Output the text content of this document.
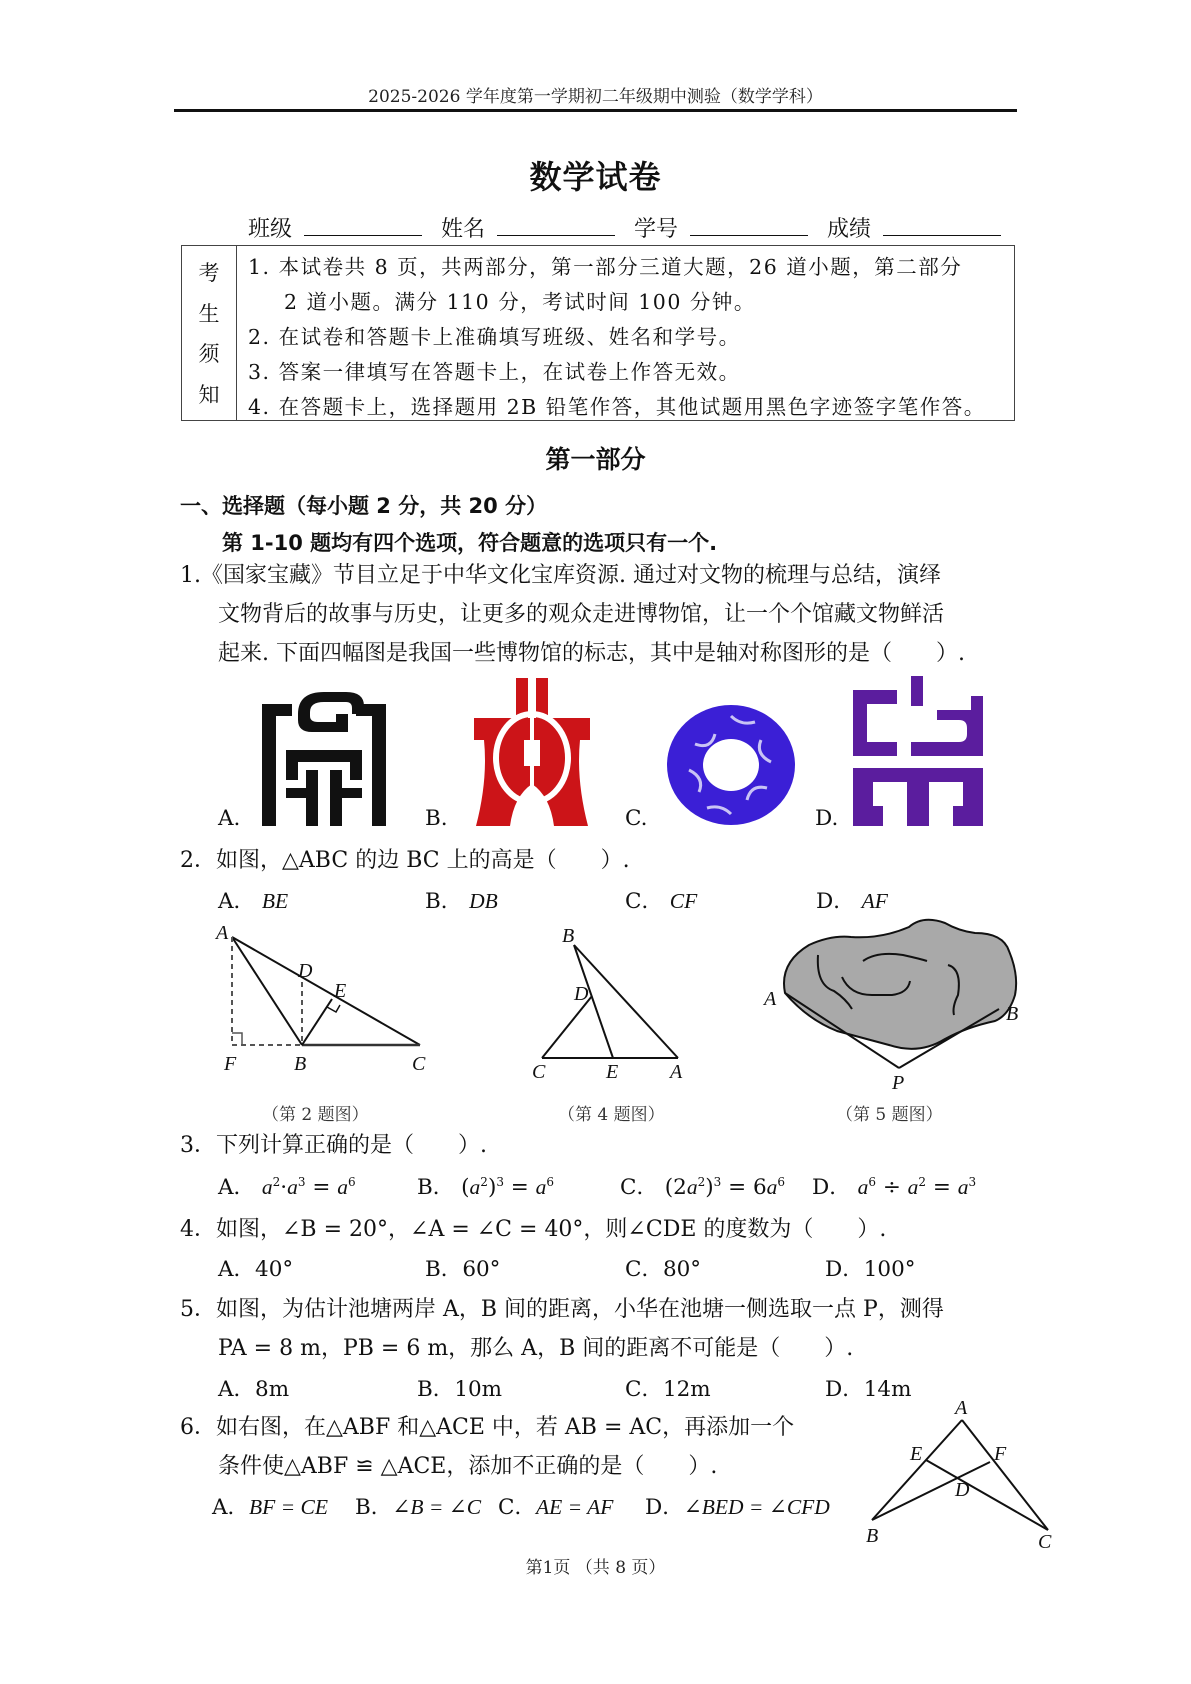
2025-2026 学年度第一学期初二年级期中测验（数学学科）
数学试卷
班级	姓名	学号	成绩
考
生
须
知
1. 本试卷共 8 页，共两部分，第一部分三道大题，26 道小题，第二部分
2 道小题。满分 110 分，考试时间 100 分钟。
2. 在试卷和答题卡上准确填写班级、姓名和学号。
3. 答案一律填写在答题卡上，在试卷上作答无效。
4. 在答题卡上，选择题用 2B 铅笔作答，其他试题用黑色字迹签字笔作答。
第一部分
一、选择题（每小题 2 分，共 20 分）
第 1-10 题均有四个选项，符合题意的选项只有一个.
1.《国家宝藏》节目立足于中华文化宝库资源. 通过对文物的梳理与总结，演绎
文物背后的故事与历史，让更多的观众走进博物馆，让一个个馆藏文物鲜活
起来. 下面四幅图是我国一些博物馆的标志，其中是轴对称图形的是（　　）.
A.	B.	C.	D.
2．如图，△ABC 的边 BC 上的高是（　　）.
A． BE	B． DB	C． CF	D． AF
A
D
E
F	B	C
（第 2 题图）
B
D
C	E	A
（第 4 题图）
A
B
P
（第 5 题图）
3．下列计算正确的是（　　）.
A． $a^2\cdot a^3 = a^6$	B． $(a^2)^3 = a^6$	C． $(2a^2)^3 = 6a^6$ D． $a^6 \div a^2 = a^3$
4．如图，∠B = 20°，∠A = ∠C = 40°，则∠CDE 的度数为（　　）.
A．40°	B．60°	C．80°	D．100°
5．如图，为估计池塘两岸 A，B 间的距离，小华在池塘一侧选取一点 P，测得
PA = 8 m，PB = 6 m，那么 A，B 间的距离不可能是（　　）.
A．8m	B．10m	C．12m	D．14m
6．如右图，在△ABF 和△ACE 中，若 AB = AC，再添加一个
条件使△ABF ≌ △ACE，添加不正确的是（　　）.
A．BF = CE B．∠B = ∠C C．AE = AF D．∠BED = ∠CFD
A
E	F
D
B	C
第1页 （共 8 页）
